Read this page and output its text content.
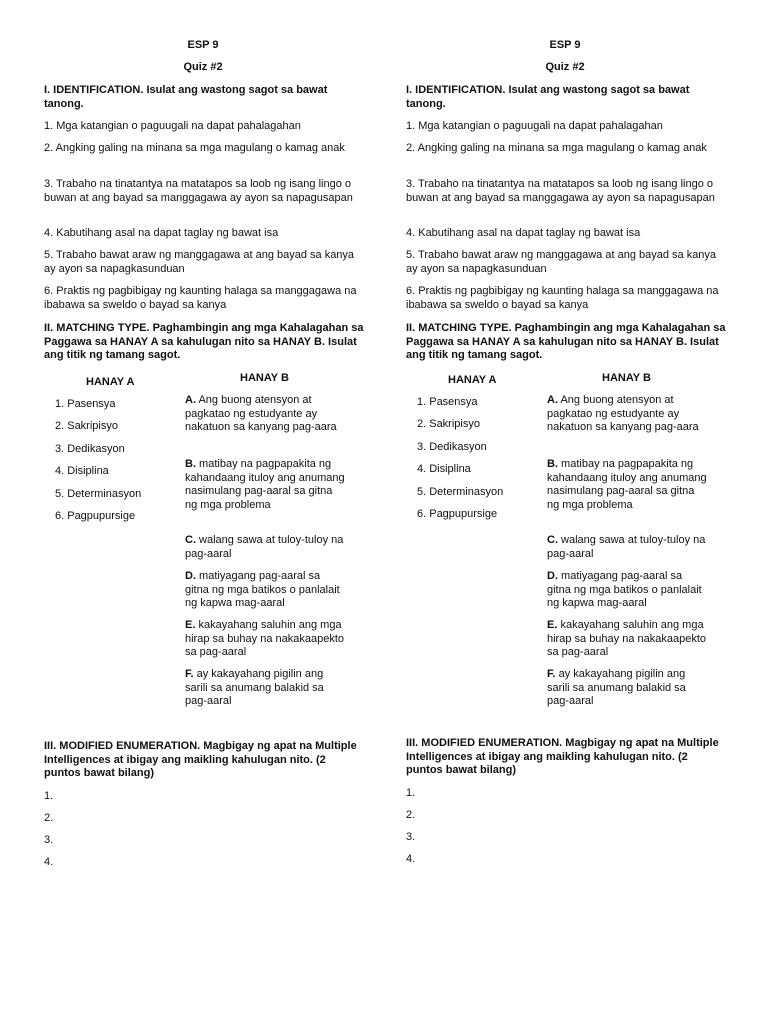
ESP 9
Quiz #2
I. IDENTIFICATION. Isulat ang wastong sagot sa bawat tanong.
1. Mga katangian o paguugali na dapat pahalagahan
2. Angking galing na minana sa mga magulang o kamag anak
3. Trabaho na tinatantya na matatapos sa loob ng isang lingo o buwan at ang bayad sa manggagawa ay ayon sa napagusapan
4. Kabutihang asal na dapat taglay ng bawat isa
5. Trabaho bawat araw ng manggagawa at ang bayad sa kanya ay ayon sa napagkasunduan
6. Praktis ng pagbibigay ng kaunting halaga sa manggagawa na ibabawa sa sweldo o bayad sa kanya
II. MATCHING TYPE. Paghambingin ang mga Kahalagahan sa Paggawa sa HANAY A sa kahulugan nito sa HANAY B. Isulat ang titik ng tamang sagot.
HANAY A	HANAY B
1. Pasensya
2. Sakripisyo
3. Dedikasyon
4. Disiplina
5. Determinasyon
6. Pagpupursige
A. Ang buong atensyon at pagkatao ng estudyante ay nakatuon sa kanyang pag-aara
B. matibay na pagpapakita ng kahandaang ituloy ang anumang nasimulang pag-aaral sa gitna ng mga problema
C. walang sawa at tuloy-tuloy na pag-aaral
D. matiyagang pag-aaral sa gitna ng mga batikos o panlalait ng kapwa mag-aaral
E. kakayahang saluhin ang mga hirap sa buhay na nakakaapekto sa pag-aaral
F. ay kakayahang pigilin ang sarili sa anumang balakid sa pag-aaral
III. MODIFIED ENUMERATION. Magbigay ng apat na Multiple Intelligences at ibigay ang maikling kahulugan nito. (2 puntos bawat bilang)
1.
2.
3.
4.
ESP 9
Quiz #2
I. IDENTIFICATION. Isulat ang wastong sagot sa bawat tanong.
1. Mga katangian o paguugali na dapat pahalagahan
2. Angking galing na minana sa mga magulang o kamag anak
3. Trabaho na tinatantya na matatapos sa loob ng isang lingo o buwan at ang bayad sa manggagawa ay ayon sa napagusapan
4. Kabutihang asal na dapat taglay ng bawat isa
5. Trabaho bawat araw ng manggagawa at ang bayad sa kanya ay ayon sa napagkasunduan
6. Praktis ng pagbibigay ng kaunting halaga sa manggagawa na ibabawa sa sweldo o bayad sa kanya
II. MATCHING TYPE. Paghambingin ang mga Kahalagahan sa Paggawa sa HANAY A sa kahulugan nito sa HANAY B. Isulat ang titik ng tamang sagot.
HANAY A	HANAY B
1. Pasensya
2. Sakripisyo
3. Dedikasyon
4. Disiplina
5. Determinasyon
6. Pagpupursige
A. Ang buong atensyon at pagkatao ng estudyante ay nakatuon sa kanyang pag-aara
B. matibay na pagpapakita ng kahandaang ituloy ang anumang nasimulang pag-aaral sa gitna ng mga problema
C. walang sawa at tuloy-tuloy na pag-aaral
D. matiyagang pag-aaral sa gitna ng mga batikos o panlalait ng kapwa mag-aaral
E. kakayahang saluhin ang mga hirap sa buhay na nakakaapekto sa pag-aaral
F. ay kakayahang pigilin ang sarili sa anumang balakid sa pag-aaral
III. MODIFIED ENUMERATION. Magbigay ng apat na Multiple Intelligences at ibigay ang maikling kahulugan nito. (2 puntos bawat bilang)
1.
2.
3.
4.
